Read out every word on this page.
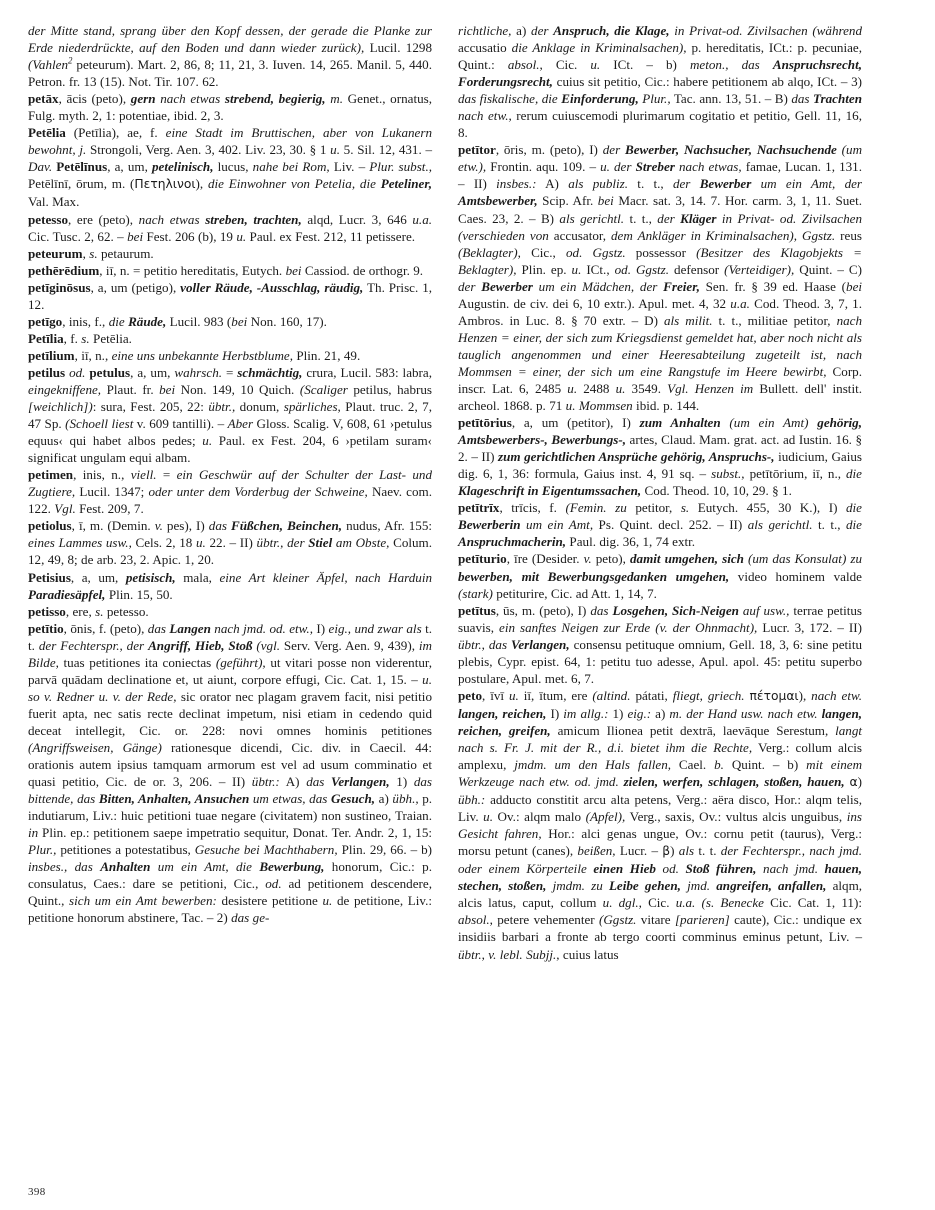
der Mitte stand, sprang über den Kopf dessen, der gerade die Planke zur Erde niederdrückte, auf den Boden und dann wieder zurück), Lucil. 1298 (Vahlen$^2$ peteurum). Mart. 2, 86, 8; 11, 21, 3. Iuven. 14, 265. Manil. 5, 440. Petron. fr. 13 (15). Not. Tir. 107. 62.

petāx, ācis (peto), gern nach etwas strebend, begierig, m. Genet., ornatus, Fulg. myth. 2, 1: potentiae, ibid. 2, 3.

Petēlia (Petīlia), ae, f. eine Stadt im Bruttischen, aber von Lukanern bewohnt, j. Strongoli, Verg. Aen. 3, 402. Liv. 23, 30. § 1 u. 5. Sil. 12, 431. – Dav. Petēlīnus, a, um, petelinisch, lucus, nahe bei Rom, Liv. – Plur. subst., Petēlīnī, ōrum, m. (Πετηλινοι), die Einwohner von Petelia, die Peteliner, Val. Max.

petesso, ere (peto), nach etwas streben, trachten, alqd, Lucr. 3, 646 u.a. Cic. Tusc. 2, 62. – bei Fest. 206 (b), 19 u. Paul. ex Fest. 212, 11 petissere.

peteurum, s. petaurum.

pethērēdium, iī, n. = petitio hereditatis, Eutych. bei Cassiod. de orthogr. 9.

petīginōsus, a, um (petigo), voller Räude, -Ausschlag, räudig, Th. Prisc. 1, 12.

petīgo, inis, f., die Räude, Lucil. 983 (bei Non. 160, 17).

Petīlia, f. s. Petēlia.

petīlium, iī, n., eine uns unbekannte Herbstblume, Plin. 21, 49.

petilus od. petulus, a, um, wahrsch. = schmächtig, crura, Lucil. 583: labra, eingekniffene, Plaut. fr. bei Non. 149, 10 Quich. (Scaliger petilus, habrus [weichlich]): sura, Fest. 205, 22: übtr., donum, spärliches, Plaut. truc. 2, 7, 47 Sp. (Schoell liest v. 609 tantilli). – Aber Gloss. Scalig. V, 608, 61 ›petulus equus‹ qui habet albos pedes; u. Paul. ex Fest. 204, 6 ›petilam suram‹ significat ungulam equi albam.

petimen, inis, n., viell. = ein Geschwür auf der Schulter der Last- und Zugtiere, Lucil. 1347; oder unter dem Vorderbug der Schweine, Naev. com. 122. Vgl. Fest. 209, 7.

petiolus, ī, m. (Demin. v. pes), I) das Füßchen, Beinchen, nudus, Afr. 155: eines Lammes usw., Cels. 2, 18 u. 22. – II) übtr., der Stiel am Obste, Colum. 12, 49, 8; de arb. 23, 2. Apic. 1, 20.

Petisius, a, um, petisisch, mala, eine Art kleiner Äpfel, nach Harduin Paradiesäpfel, Plin. 15, 50.

petisso, ere, s. petesso.

petītio, ōnis, f. (peto), das Langen nach jmd. od. etw., I) eig., und zwar als t. t. der Fechterspr., der Angriff, Hieb, Stoß (vgl. Serv. Verg. Aen. 9, 439), im Bilde, tuas petitiones ita coniectas (geführt), ut vitari posse non viderentur, parvā quādam declinatione et, ut aiunt, corpore effugi, Cic. Cat. 1, 15. – u. so v. Redner u. v. der Rede, sic orator nec plagam gravem facit, nisi petitio fuerit apta, nec satis recte declinat impetum, nisi etiam in cedendo quid deceat intellegit, Cic. or. 228: novi omnes hominis petitiones (Angriffsweisen, Gänge) rationesque dicendi, Cic. div. in Caecil. 44: orationis autem ipsius tamquam armorum est vel ad usum comminatio et quasi petitio, Cic. de or. 3, 206. – II) übtr.: A) das Verlangen, 1) das bittende, das Bitten, Anhalten, Ansuchen um etwas, das Gesuch, a) übh., p. indutiarum, Liv.: huic petitioni tuae negare (civitatem) non sustineo, Traian. in Plin. ep.: petitionem saepe impetratio sequitur, Donat. Ter. Andr. 2, 1, 15: Plur., petitiones a potestatibus, Gesuche bei Machthabern, Plin. 29, 66. – b) insbes., das Anhalten um ein Amt, die Bewerbung, honorum, Cic.: p. consulatus, Caes.: dare se petitioni, Cic., od. ad petitionem descendere, Quint., sich um ein Amt bewerben: desistere petitione u. de petitione, Liv.: petitione honorum abstinere, Tac. – 2) das ge-

richtliche, a) der Anspruch, die Klage, in Privat-od. Zivilsachen (während accusatio die Anklage in Kriminalsachen), p. hereditatis, ICt.: p. pecuniae, Quint.: absol., Cic. u. ICt. – b) meton., das Anspruchsrecht, Forderungsrecht, cuius sit petitio, Cic.: habere petitionem ab alqo, ICt. – 3) das fiskalische, die Einforderung, Plur., Tac. ann. 13, 51. – B) das Trachten nach etw., rerum cuiuscemodi plurimarum cogitatio et petitio, Gell. 11, 16, 8.

petītor, ōris, m. (peto), I) der Bewerber, Nachsucher, Nachsuchende (um etw.), Frontin. aqu. 109. – u. der Streber nach etwas, famae, Lucan. 1, 131. – II) insbes.: A) als publiz. t. t., der Bewerber um ein Amt, der Amtsbewerber, Scip. Afr. bei Macr. sat. 3, 14. 7. Hor. carm. 3, 1, 11. Suet. Caes. 23, 2. – B) als gerichtl. t. t., der Kläger in Privat- od. Zivilsachen (verschieden von accusator, dem Ankläger in Kriminalsachen), Ggstz. reus (Beklagter), Cic., od. Ggstz. possessor (Besitzer des Klagobjekts = Beklagter), Plin. ep. u. ICt., od. Ggstz. defensor (Verteidiger), Quint. – C) der Bewerber um ein Mädchen, der Freier, Sen. fr. § 39 ed. Haase (bei Augustin. de civ. dei 6, 10 extr.). Apul. met. 4, 32 u.a. Cod. Theod. 3, 7, 1. Ambros. in Luc. 8. § 70 extr. – D) als milit. t. t., militiae petitor, nach Henzen = einer, der sich zum Kriegsdienst gemeldet hat, aber noch nicht als tauglich angenommen und einer Heeresabteilung zugeteilt ist, nach Mommsen = einer, der sich um eine Rangstufe im Heere bewirbt, Corp. inscr. Lat. 6, 2485 u. 2488 u. 3549. Vgl. Henzen im Bullett. dell' instit. archeol. 1868. p. 71 u. Mommsen ibid. p. 144.

petītōrius, a, um (petitor), I) zum Anhalten (um ein Amt) gehörig, Amtsbewerbers-, Bewerbungs-, artes, Claud. Mam. grat. act. ad Iustin. 16. § 2. – II) zum gerichtlichen Ansprüche gehörig, Anspruchs-, iudicium, Gaius dig. 6, 1, 36: formula, Gaius inst. 4, 91 sq. – subst., petītōrium, iī, n., die Klageschrift in Eigentumssachen, Cod. Theod. 10, 10, 29. § 1.

petītrīx, trīcis, f. (Femin. zu petitor, s. Eutych. 455, 30 K.), I) die Bewerberin um ein Amt, Ps. Quint. decl. 252. – II) als gerichtl. t. t., die Anspruchmacherin, Paul. dig. 36, 1, 74 extr.

petīturio, īre (Desider. v. peto), damit umgehen, sich (um das Konsulat) zu bewerben, mit Bewerbungsgedanken umgehen, video hominem valde (stark) petiturire, Cic. ad Att. 1, 14, 7.

petītus, ūs, m. (peto), I) das Losgehen, Sich-Neigen auf usw., terrae petitus suavis, ein sanftes Neigen zur Erde (v. der Ohnmacht), Lucr. 3, 172. – II) übtr., das Verlangen, consensu petituque omnium, Gell. 18, 3, 6: sine petitu plebis, Cypr. epist. 64, 1: petitu tuo adesse, Apul. apol. 45: petitu superbo postulare, Apul. met. 6, 7.

peto, īvī u. iī, ītum, ere (altind. pátati, fliegt, griech. πέτομαι), nach etw. langen, reichen, I) im allg.: 1) eig.: a) m. der Hand usw. nach etw. langen, reichen, greifen, amicum Ilionea petit dextrā, laevāque Serestum, langt nach s. Fr. J. mit der R., d.i. bietet ihm die Rechte, Verg.: collum alcis amplexu, jmdm. um den Hals fallen, Cael. b. Quint. – b) mit einem Werkzeuge nach etw. od. jmd. zielen, werfen, schlagen, stoßen, hauen, α) übh.: adducto constitit arcu alta petens, Verg.: aëra disco, Hor.: alqm telis, Liv. u. Ov.: alqm malo (Apfel), Verg., saxis, Ov.: vultus alcis unguibus, ins Gesicht fahren, Hor.: alci genas ungue, Ov.: cornu petit (taurus), Verg.: morsu petunt (canes), beißen, Lucr. – β) als t. t. der Fechterspr., nach jmd. oder einem Körperteile einen Hieb od. Stoß führen, nach jmd. hauen, stechen, stoßen, jmdm. zu Leibe gehen, jmd. angreifen, anfallen, alqm, alcis latus, caput, collum u. dgl., Cic. u.a. (s. Benecke Cic. Cat. 1, 11): absol., petere vehementer (Ggstz. vitare [parieren] caute), Cic.: undique ex insidiis barbari a fronte ab tergo coorti comminus eminus petunt, Liv. – übtr., v. lebl. Subjj., cuius latus

398
